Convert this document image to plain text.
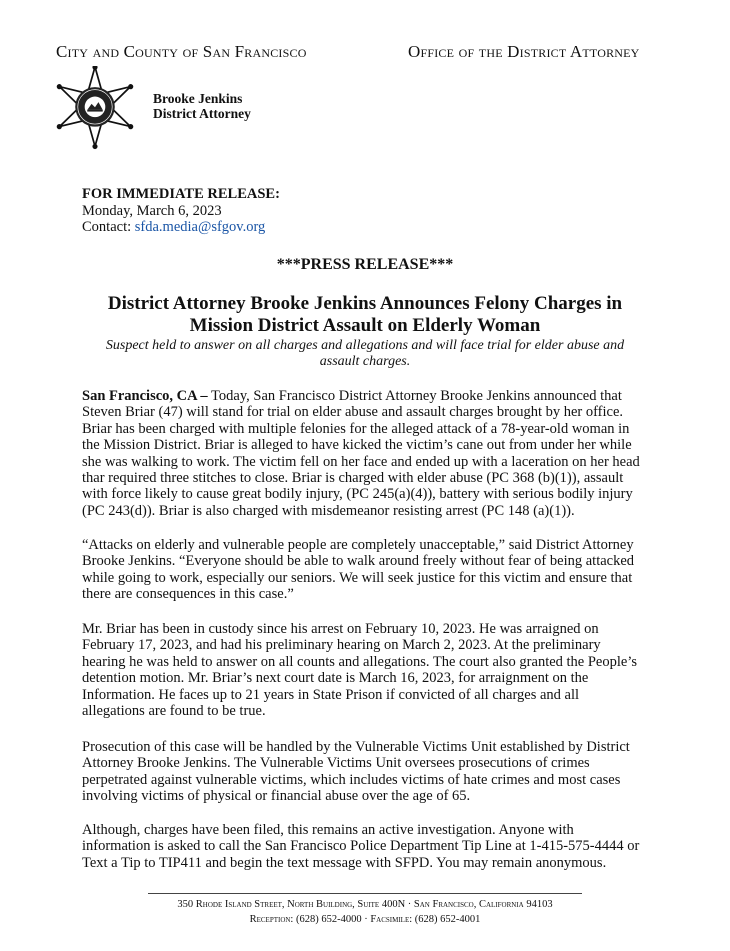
City and County of San Francisco	Office of the District Attorney
Brooke Jenkins
District Attorney
FOR IMMEDIATE RELEASE:
Monday, March 6, 2023
Contact: sfda.media@sfgov.org
***PRESS RELEASE***
District Attorney Brooke Jenkins Announces Felony Charges in
Mission District Assault on Elderly Woman
Suspect held to answer on all charges and allegations and will face trial for elder abuse and
assault charges.
San Francisco, CA – Today, San Francisco District Attorney Brooke Jenkins announced that
Steven Briar (47) will stand for trial on elder abuse and assault charges brought by her office.
Briar has been charged with multiple felonies for the alleged attack of a 78-year-old woman in
the Mission District. Briar is alleged to have kicked the victim’s cane out from under her while
she was walking to work. The victim fell on her face and ended up with a laceration on her head
thar required three stitches to close. Briar is charged with elder abuse (PC 368 (b)(1)), assault
with force likely to cause great bodily injury, (PC 245(a)(4)), battery with serious bodily injury
(PC 243(d)). Briar is also charged with misdemeanor resisting arrest (PC 148 (a)(1)).
“Attacks on elderly and vulnerable people are completely unacceptable,” said District Attorney
Brooke Jenkins. “Everyone should be able to walk around freely without fear of being attacked
while going to work, especially our seniors. We will seek justice for this victim and ensure that
there are consequences in this case.”
Mr. Briar has been in custody since his arrest on February 10, 2023. He was arraigned on
February 17, 2023, and had his preliminary hearing on March 2, 2023. At the preliminary
hearing he was held to answer on all counts and allegations. The court also granted the People’s
detention motion. Mr. Briar’s next court date is March 16, 2023, for arraignment on the
Information. He faces up to 21 years in State Prison if convicted of all charges and all
allegations are found to be true.
Prosecution of this case will be handled by the Vulnerable Victims Unit established by District
Attorney Brooke Jenkins. The Vulnerable Victims Unit oversees prosecutions of crimes
perpetrated against vulnerable victims, which includes victims of hate crimes and most cases
involving victims of physical or financial abuse over the age of 65.
Although, charges have been filed, this remains an active investigation. Anyone with
information is asked to call the San Francisco Police Department Tip Line at 1-415-575-4444 or
Text a Tip to TIP411 and begin the text message with SFPD. You may remain anonymous.
350 Rhode Island Street, North Building, Suite 400N · San Francisco, California 94103
Reception: (628) 652-4000 · Facsimile: (628) 652-4001
